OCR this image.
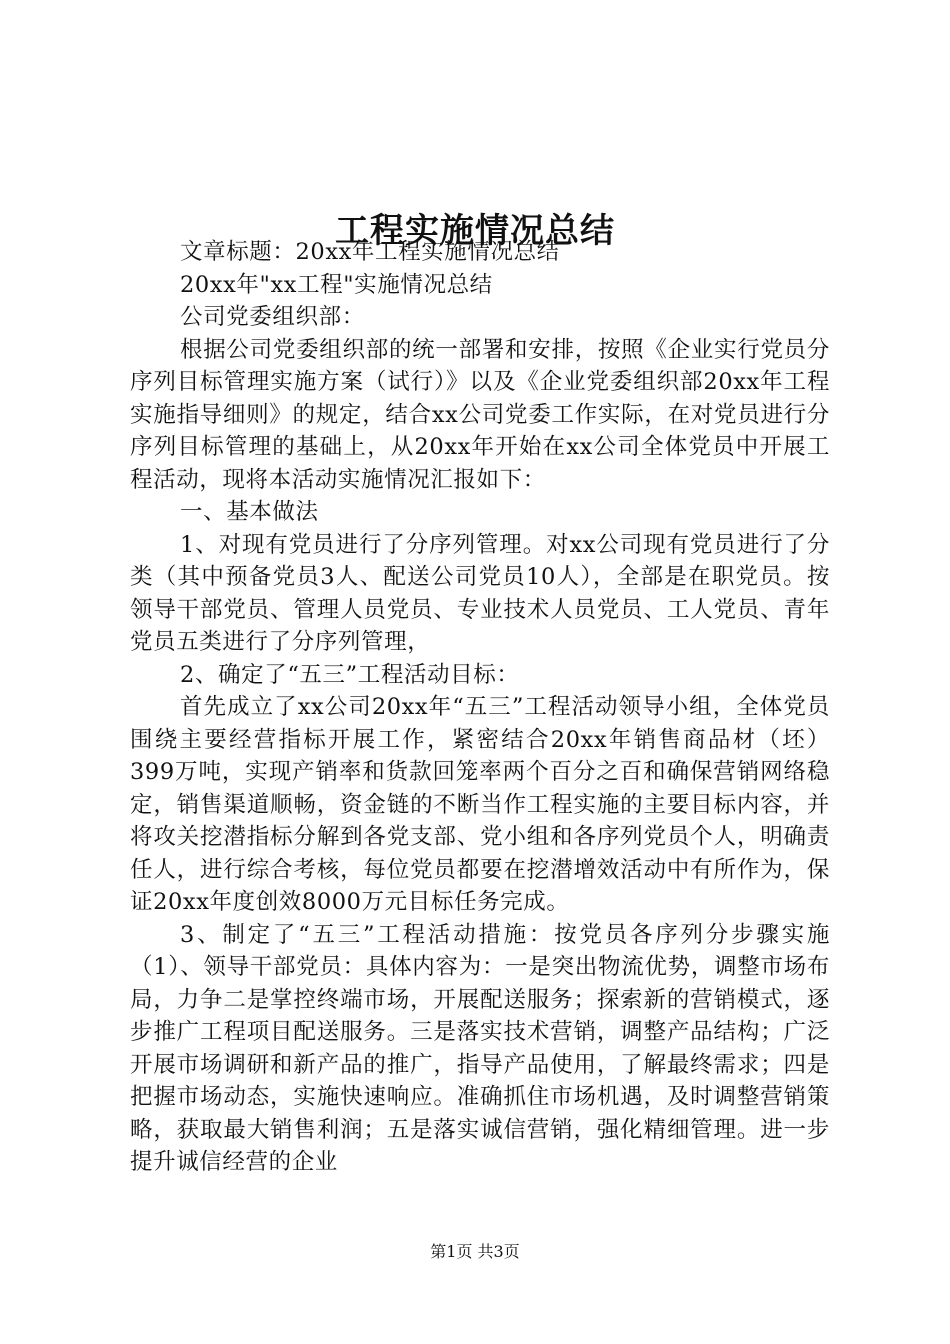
工程实施情况总结

文章标题：20xx年工程实施情况总结

20xx年"xx工程"实施情况总结

公司党委组织部：

根据公司党委组织部的统一部署和安排，按照《企业实行党员分序列目标管理实施方案（试行）》以及《企业党委组织部20xx年工程实施指导细则》的规定，结合xx公司党委工作实际，在对党员进行分序列目标管理的基础上，从20xx年开始在xx公司全体党员中开展工程活动，现将本活动实施情况汇报如下：

一、基本做法

1、对现有党员进行了分序列管理。对xx公司现有党员进行了分类（其中预备党员3人、配送公司党员10人），全部是在职党员。按领导干部党员、管理人员党员、专业技术人员党员、工人党员、青年党员五类进行了分序列管理，

2、确定了“五三”工程活动目标：

首先成立了xx公司20xx年“五三”工程活动领导小组，全体党员围绕主要经营指标开展工作，紧密结合20xx年销售商品材（坯）399万吨，实现产销率和货款回笼率两个百分之百和确保营销网络稳定，销售渠道顺畅，资金链的不断当作工程实施的主要目标内容，并将攻关挖潜指标分解到各党支部、党小组和各序列党员个人，明确责任人，进行综合考核，每位党员都要在挖潜增效活动中有所作为，保证20xx年度创效8000万元目标任务完成。

3、制定了“五三”工程活动措施：按党员各序列分步骤实施（1）、领导干部党员：具体内容为：一是突出物流优势，调整市场布局，力争二是掌控终端市场，开展配送服务；探索新的营销模式，逐步推广工程项目配送服务。三是落实技术营销，调整产品结构；广泛开展市场调研和新产品的推广，指导产品使用，了解最终需求；四是把握市场动态，实施快速响应。准确抓住市场机遇，及时调整营销策略，获取最大销售利润；五是落实诚信营销，强化精细管理。进一步提升诚信经营的企业

第1页 共3页
